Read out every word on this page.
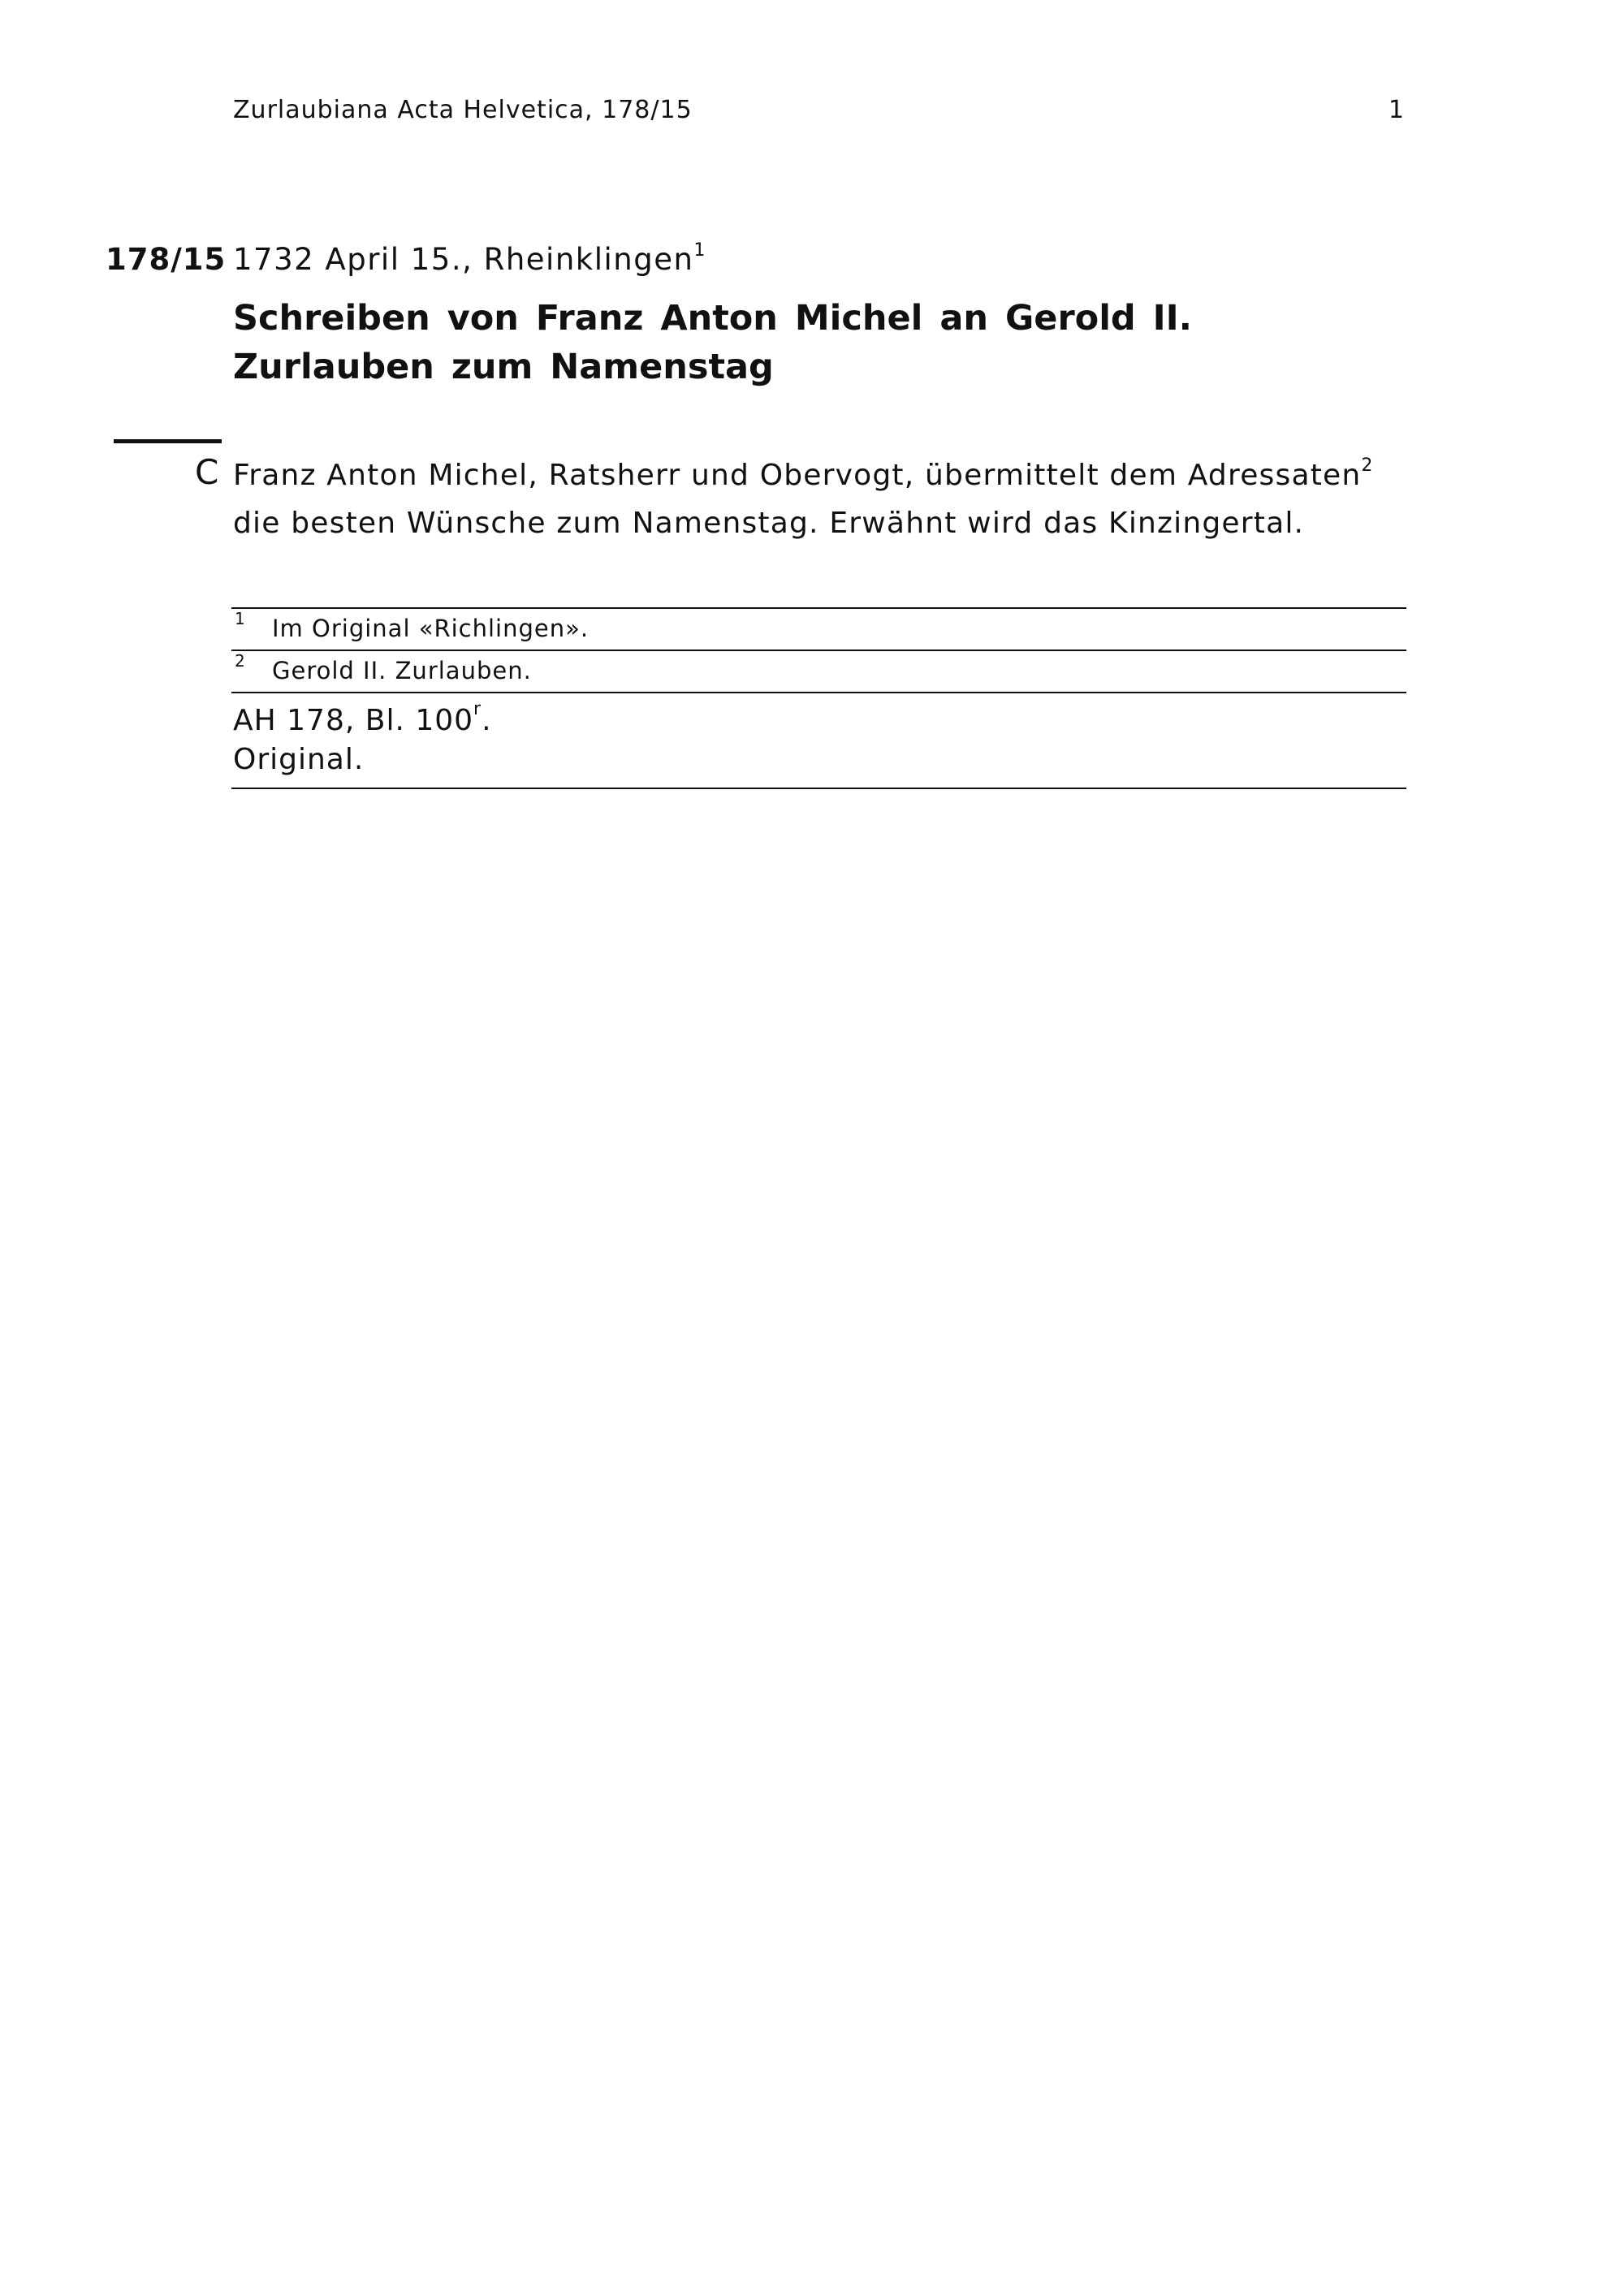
Zurlaubiana Acta Helvetica, 178/15	1
178/15 1732 April 15., Rheinklingen$^1$
Schreiben von Franz Anton Michel an Gerold II. Zurlauben zum Namenstag
C Franz Anton Michel, Ratsherr und Obervogt, übermittelt dem Adressaten$^2$ die besten Wünsche zum Namenstag. Erwähnt wird das Kinzingertal.
1 Im Original «Richlingen».
2 Gerold II. Zurlauben.
AH 178, Bl. 100$^r$.
Original.
